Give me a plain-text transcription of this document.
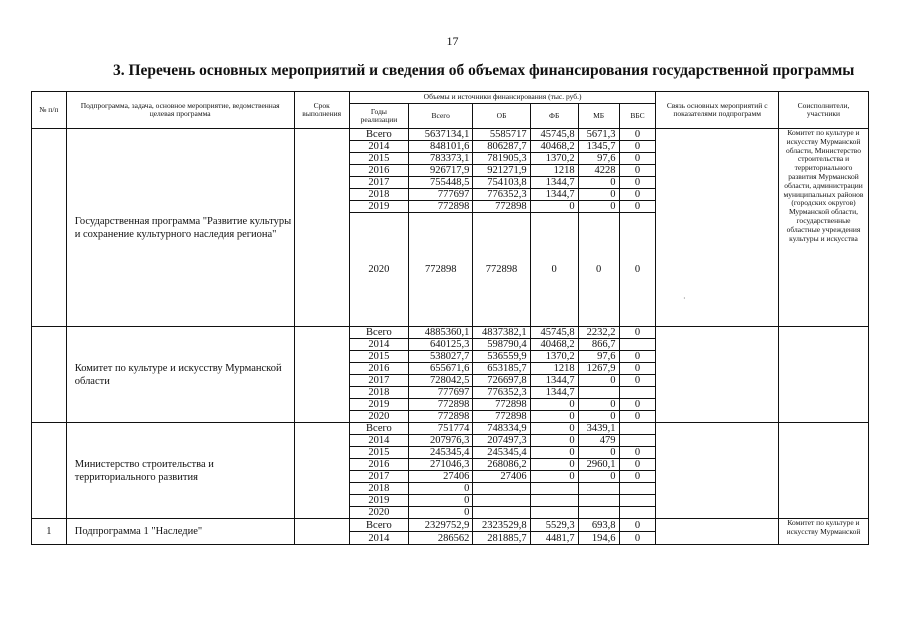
17
3. Перечень основных мероприятий и сведения об объемах финансирования государственной программы
№ п/п	Подпрограмма, задача, основное мероприятие, ведомственная целевая программа	Срок выполнения	Объемы и источники финансирования (тыс. руб.)						Связь основных мероприятий с показателями подпрограмм	Соисполнители, участники
			Годы реализации	Всего	ОБ	ФБ	МБ	ВБС		
	Государственная программа "Развитие культуры и сохранение культурного наследия региона"		Всего	5637134,1	5585717	45745,8	5671,3	0		Комитет по культуре и искусству Мурманской области, Министерство строительства и территориального развития Мурманской области, администрации муниципальных районов (городских округов) Мурманской области, государственные областные учреждения культуры и искусства
			2014	848101,6	806287,7	40468,2	1345,7	0		
			2015	783373,1	781905,3	1370,2	97,6	0		
			2016	926717,9	921271,9	1218	4228	0		
			2017	755448,5	754103,8	1344,7	0	0		
			2018	777697	776352,3	1344,7	0	0		
			2019	772898	772898	0	0	0		
			2020	772898	772898	0	0	0		
	Комитет по культуре и искусству Мурманской области		Всего	4885360,1	4837382,1	45745,8	2232,2	0		
			2014	640125,3	598790,4	40468,2	866,7			
			2015	538027,7	536559,9	1370,2	97,6	0		
			2016	655671,6	653185,7	1218	1267,9	0		
			2017	728042,5	726697,8	1344,7	0	0		
			2018	777697	776352,3	1344,7				
			2019	772898	772898	0	0	0		
			2020	772898	772898	0	0	0		
	Министерство строительства и территориального развития		Всего	751774	748334,9	0	3439,1			
			2014	207976,3	207497,3	0	479			
			2015	245345,4	245345,4	0	0	0		
			2016	271046,3	268086,2	0	2960,1	0		
			2017	27406	27406	0	0	0		
			2018	0						
			2019	0						
			2020	0						
1	Подпрограмма 1 "Наследие"		Всего	2329752,9	2323529,8	5529,3	693,8	0		Комитет по культуре и искусству Мурманской
			2014	286562	281885,7	4481,7	194,6	0		
·
